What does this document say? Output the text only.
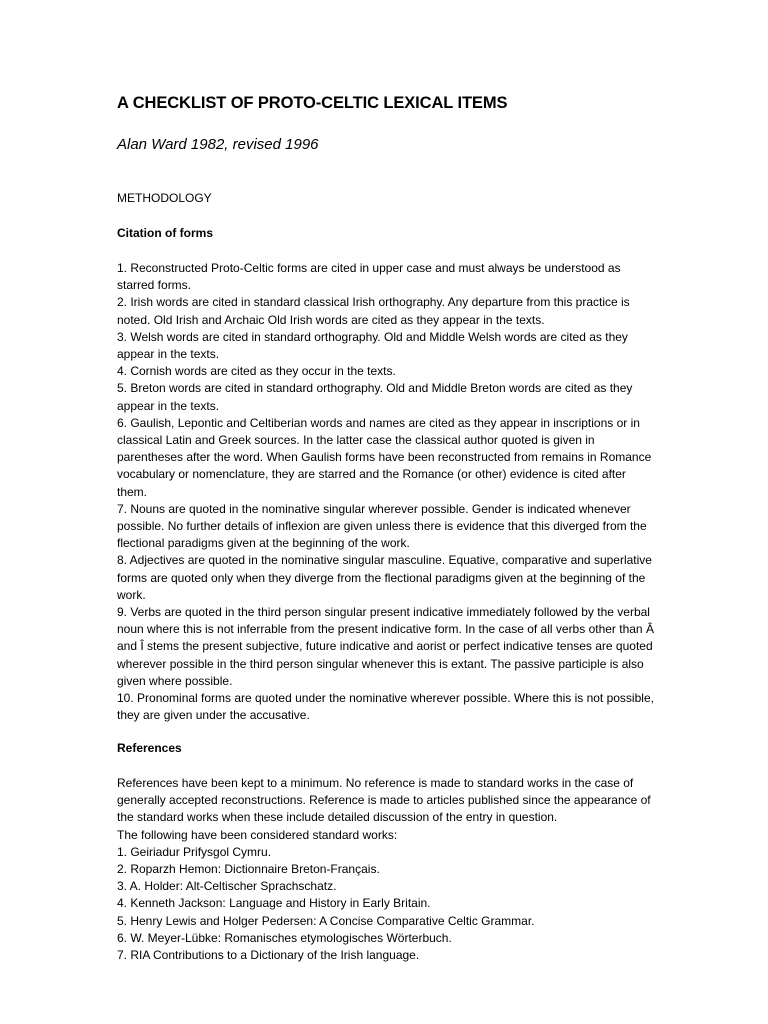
A CHECKLIST OF PROTO-CELTIC LEXICAL ITEMS
Alan Ward 1982, revised 1996
METHODOLOGY
Citation of forms

1. Reconstructed Proto-Celtic forms are cited in upper case and must always be understood as starred forms.

2. Irish words are cited in standard classical Irish orthography. Any departure from this practice is noted. Old Irish and Archaic Old Irish words are cited as they appear in the texts.

3. Welsh words are cited in standard orthography. Old and Middle Welsh words are cited as they appear in the texts.

4. Cornish words are cited as they occur in the texts.

5. Breton words are cited in standard orthography. Old and Middle Breton words are cited as they appear in the texts.

6. Gaulish, Lepontic and Celtiberian words and names are cited as they appear in inscriptions or in classical Latin and Greek sources. In the latter case the classical author quoted is given in parentheses after the word. When Gaulish forms have been reconstructed from remains in Romance vocabulary or nomenclature, they are starred and the Romance (or other) evidence is cited after them.

7. Nouns are quoted in the nominative singular wherever possible. Gender is indicated whenever possible. No further details of inflexion are given unless there is evidence that this diverged from the flectional paradigms given at the beginning of the work.

8. Adjectives are quoted in the nominative singular masculine. Equative, comparative and superlative forms are quoted only when they diverge from the flectional paradigms given at the beginning of the work.

9. Verbs are quoted in the third person singular present indicative immediately followed by the verbal noun where this is not inferrable from the present indicative form. In the case of all verbs other than Â and Î stems the present subjective, future indicative and aorist or perfect indicative tenses are quoted wherever possible in the third person singular whenever this is extant. The passive participle is also given where possible.

10. Pronominal forms are quoted under the nominative wherever possible. Where this is not possible, they are given under the accusative.

References

References have been kept to a minimum. No reference is made to standard works in the case of generally accepted reconstructions. Reference is made to articles published since the appearance of the standard works when these include detailed discussion of the entry in question.

The following have been considered standard works:

1. Geiriadur Prifysgol Cymru.

2. Roparzh Hemon: Dictionnaire Breton-Français.

3. A. Holder: Alt-Celtischer Sprachschatz.

4. Kenneth Jackson: Language and History in Early Britain.

5. Henry Lewis and Holger Pedersen: A Concise Comparative Celtic Grammar.

6. W. Meyer-Lübke: Romanisches etymologisches Wörterbuch.

7. RIA Contributions to a Dictionary of the Irish language.
